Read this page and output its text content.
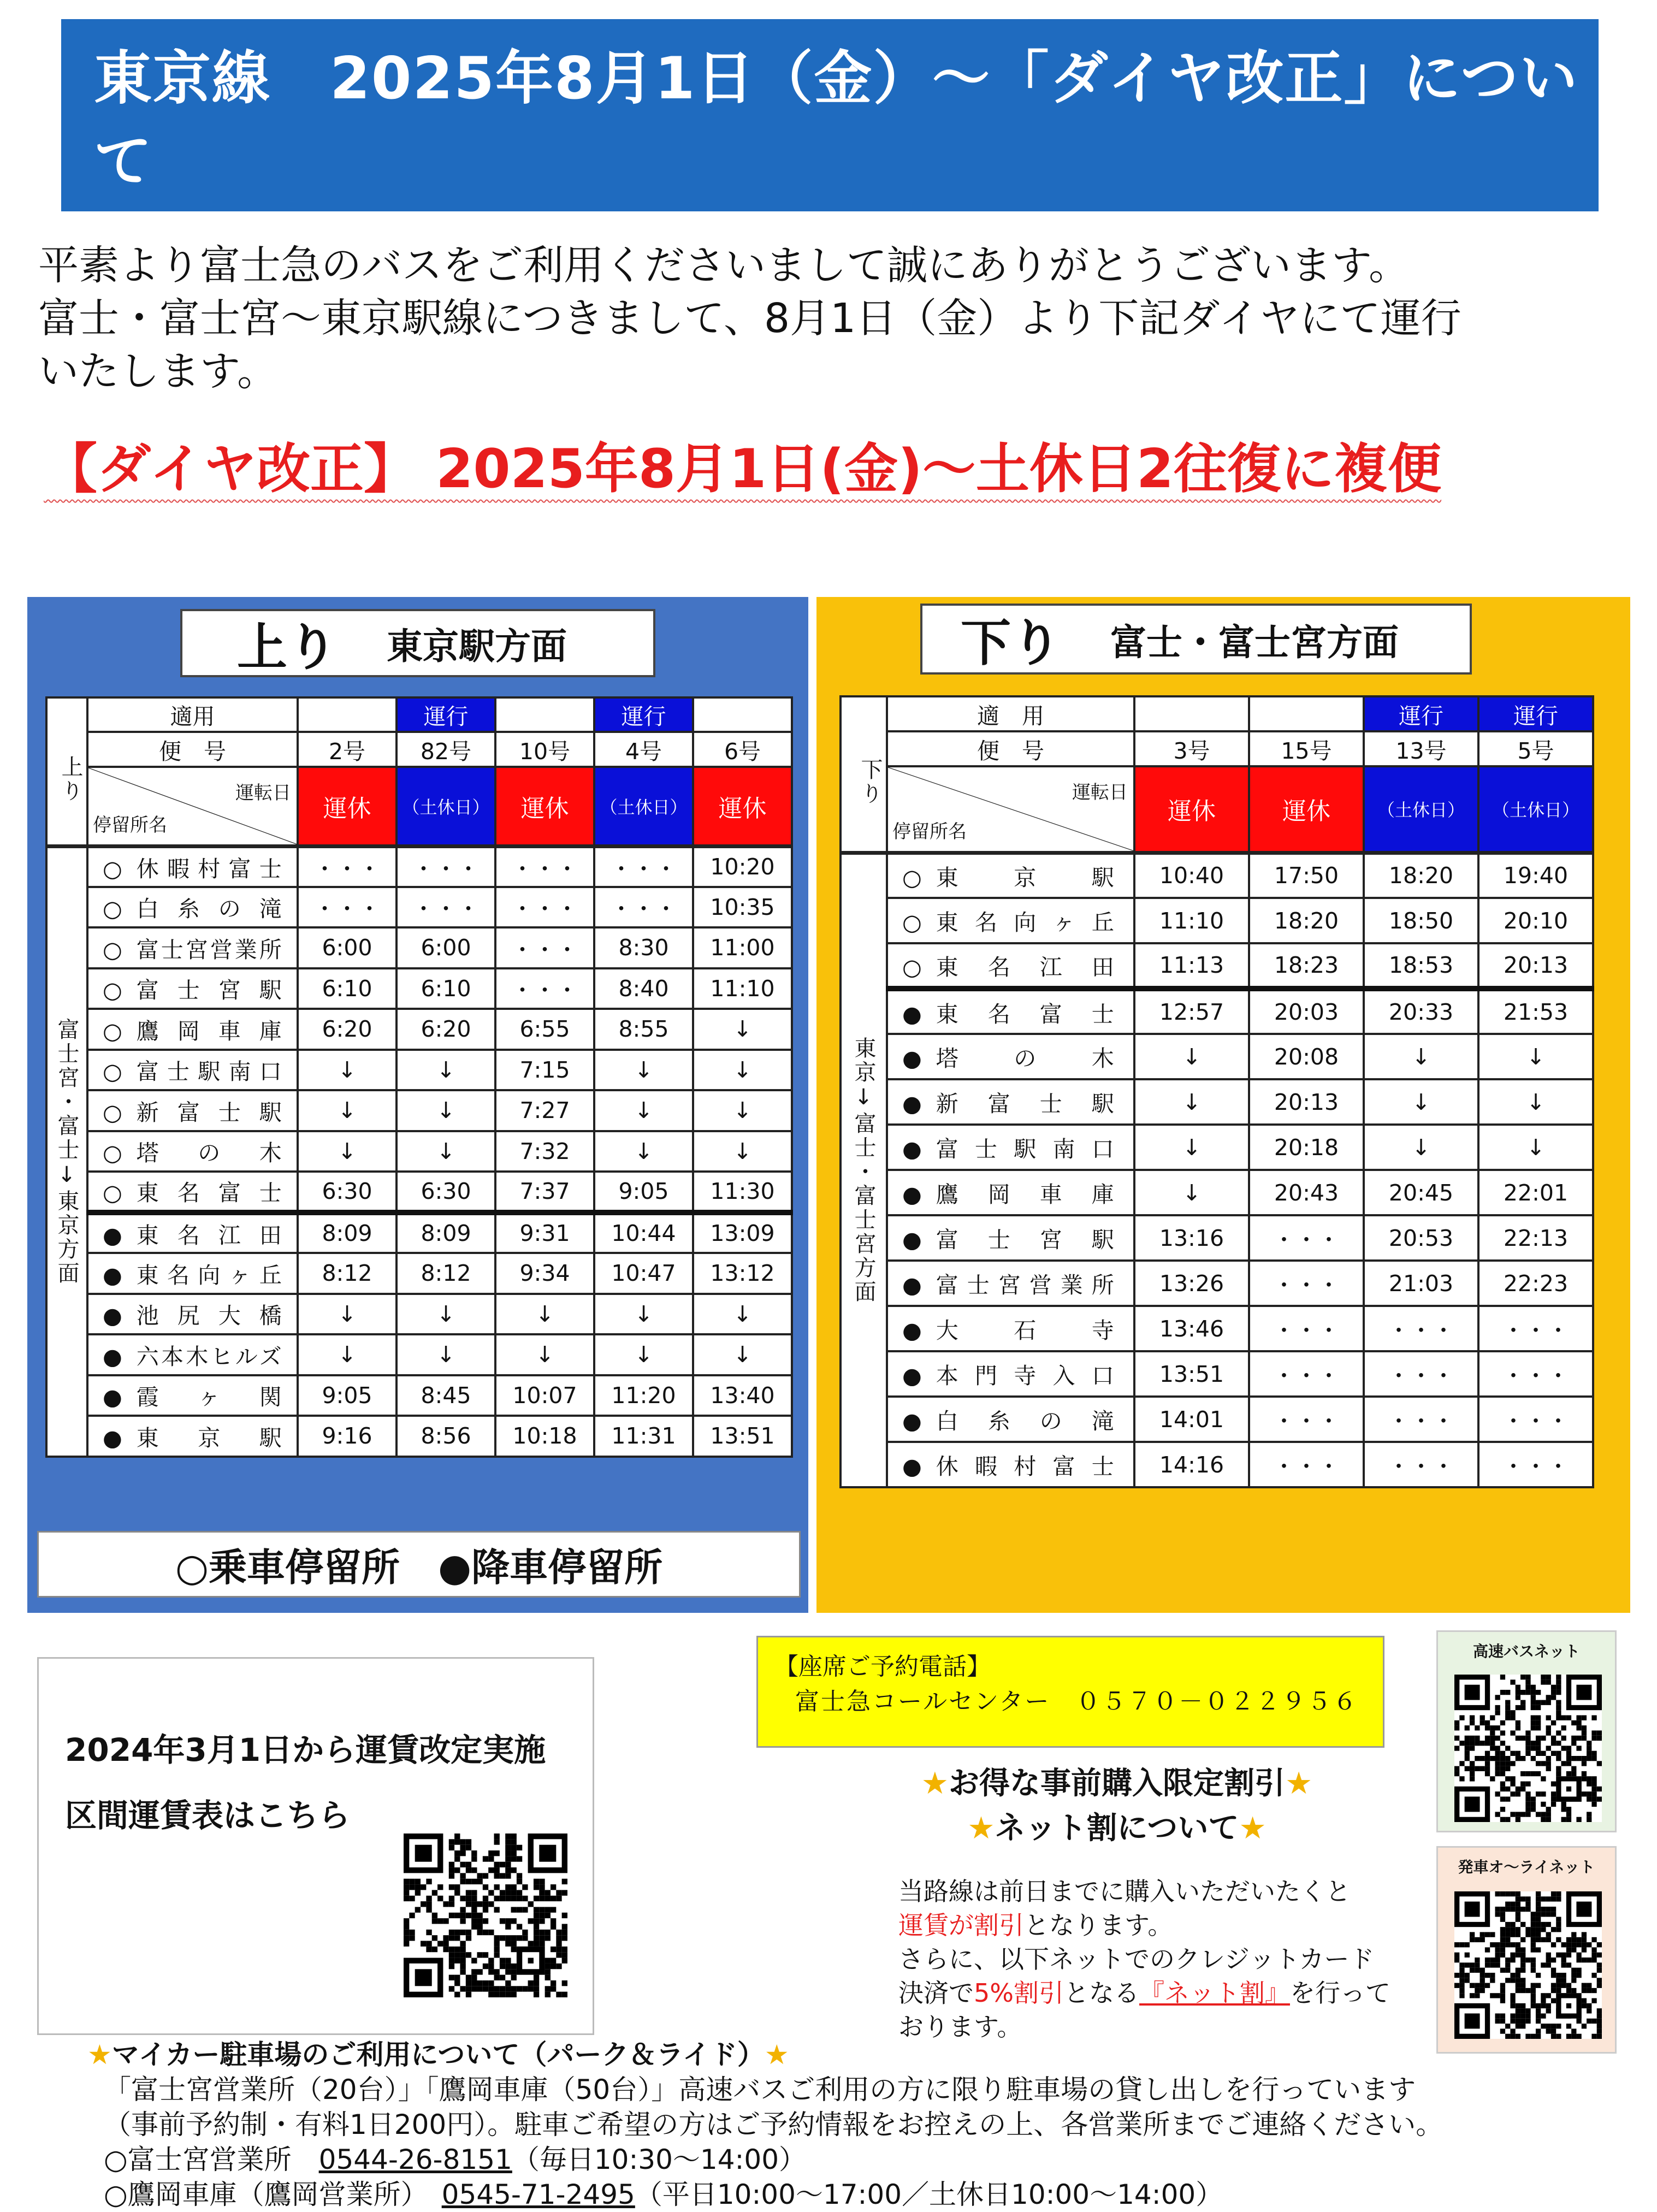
東京線　2025年8月1日（金）～「ダイヤ改正」について
平素より富士急のバスをご利用くださいまして誠にありがとうございます。
富士・富士宮～東京駅線につきまして、8月1日（金）より下記ダイヤにて運行
いたします。
【ダイヤ改正】 2025年8月1日(金)～土休日2往復に複便
上り 東京駅方面
上り	適用		運行		運行	
	便　号	2号	82号	10号	4号	6号

	運転日
停留所名	運休	（土休日）	運休	（土休日）	運休
富士宮・富士↓東京方面	○ 休暇村富士	・・・	・・・	・・・	・・・	10:20
	○ 白糸の滝	・・・	・・・	・・・	・・・	10:35
	○ 富士宮営業所	6:00	6:00	・・・	8:30	11:00
	○ 富士宮駅	6:10	6:10	・・・	8:40	11:10
	○ 鷹岡車庫	6:20	6:20	6:55	8:55	↓
	○ 富士駅南口	↓	↓	7:15	↓	↓
	○ 新富士駅	↓	↓	7:27	↓	↓
	○ 塔の木	↓	↓	7:32	↓	↓
	○ 東名富士	6:30	6:30	7:37	9:05	11:30
	● 東名江田	8:09	8:09	9:31	10:44	13:09
	● 東名向ヶ丘	8:12	8:12	9:34	10:47	13:12
	● 池尻大橋	↓	↓	↓	↓	↓
	● 六本木ヒルズ	↓	↓	↓	↓	↓
	● 霞ヶ関	9:05	8:45	10:07	11:20	13:40
	● 東京駅	9:16	8:56	10:18	11:31	13:51
○乗車停留所　●降車停留所
下り 富士・富士宮方面
下り	適　用			運行	運行
	便　号	3号	15号	13号	5号

	運転日
停留所名	運休	運休	（土休日）	（土休日）
東京↓富士・富士宮方面	○ 東京駅	10:40	17:50	18:20	19:40
	○ 東名向ヶ丘	11:10	18:20	18:50	20:10
	○ 東名江田	11:13	18:23	18:53	20:13
	● 東名富士	12:57	20:03	20:33	21:53
	● 塔の木	↓	20:08	↓	↓
	● 新富士駅	↓	20:13	↓	↓
	● 富士駅南口	↓	20:18	↓	↓
	● 鷹岡車庫	↓	20:43	20:45	22:01
	● 富士宮駅	13:16	・・・	20:53	22:13
	● 富士宮営業所	13:26	・・・	21:03	22:23
	● 大石寺	13:46	・・・	・・・	・・・
	● 本門寺入口	13:51	・・・	・・・	・・・
	● 白糸の滝	14:01	・・・	・・・	・・・
	● 休暇村富士	14:16	・・・	・・・	・・・
2024年3月1日から運賃改定実施
区間運賃表はこちら
【座席ご予約電話】
富士急コールセンター　０５７０－０２２９５６
★お得な事前購入限定割引★
★ネット割について★
当路線は前日までに購入いただいたくと
運賃が割引となります。
さらに、以下ネットでのクレジットカード
決済で5%割引となる『ネット割』を行って
おります。
高速バスネット
発車オ～ライネット
★マイカー駐車場のご利用について（パーク＆ライド）★
「富士宮営業所（20台）」「鷹岡車庫（50台）」高速バスご利用の方に限り駐車場の貸し出しを行っています
（事前予約制・有料1日200円）。駐車ご希望の方はご予約情報をお控えの上、各営業所までご連絡ください。
○富士宮営業所　 0544-26-8151（毎日10:30～14:00）
○鷹岡車庫（鷹岡営業所）　 0545-71-2495（平日10:00～17:00／土休日10:00～14:00）
